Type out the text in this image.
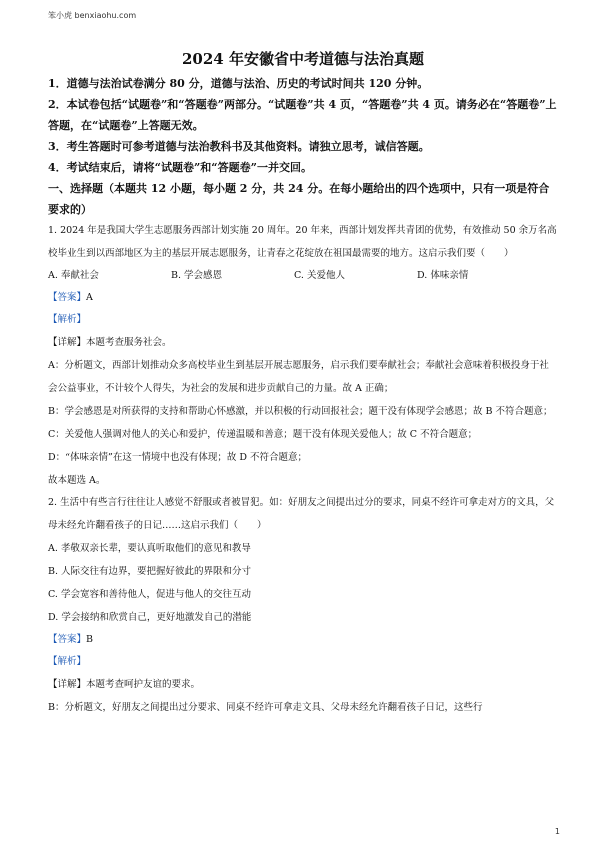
笨小虎 benxiaohu.com
2024 年安徽省中考道德与法治真题

1．道德与法治试卷满分 80 分，道德与法治、历史的考试时间共 120 分钟。

2．本试卷包括“试题卷”和“答题卷”两部分。“试题卷”共 4 页，“答题卷”共 4 页。请务必在“答题卷”上答题，在“试题卷”上答题无效。

3．考生答题时可参考道德与法治教科书及其他资料。请独立思考，诚信答题。

4．考试结束后，请将“试题卷”和“答题卷”一并交回。

一、选择题（本题共 12 小题，每小题 2 分，共 24 分。在每小题给出的四个选项中，只有一项是符合要求的）

1. 2024 年是我国大学生志愿服务西部计划实施 20 周年。20 年来，西部计划发挥共青团的优势，有效推动 50 余万名高校毕业生到以西部地区为主的基层开展志愿服务，让青春之花绽放在祖国最需要的地方。这启示我们要（　　）

A. 奉献社会	B. 学会感恩	C. 关爱他人	D. 体味亲情

【答案】A

【解析】

【详解】本题考查服务社会。

A：分析题文，西部计划推动众多高校毕业生到基层开展志愿服务，启示我们要奉献社会；奉献社会意味着积极投身于社会公益事业，不计较个人得失，为社会的发展和进步贡献自己的力量。故 A 正确；

B：学会感恩是对所获得的支持和帮助心怀感激，并以积极的行动回报社会；题干没有体现学会感恩；故 B 不符合题意；

C：关爱他人强调对他人的关心和爱护，传递温暖和善意；题干没有体现关爱他人；故 C 不符合题意；

D：“体味亲情”在这一情境中也没有体现；故 D 不符合题意；

故本题选 A。

2. 生活中有些言行往往让人感觉不舒服或者被冒犯。如：好朋友之间提出过分的要求，同桌不经许可拿走对方的文具，父母未经允许翻看孩子的日记……这启示我们（　　）

A. 孝敬双亲长辈，要认真听取他们的意见和教导

B. 人际交往有边界，要把握好彼此的界限和分寸

C. 学会宽容和善待他人，促进与他人的交往互动

D. 学会接纳和欣赏自己，更好地激发自己的潜能

【答案】B

【解析】

【详解】本题考查呵护友谊的要求。

B：分析题文，好朋友之间提出过分要求、同桌不经许可拿走文具、父母未经允许翻看孩子日记，这些行

1
